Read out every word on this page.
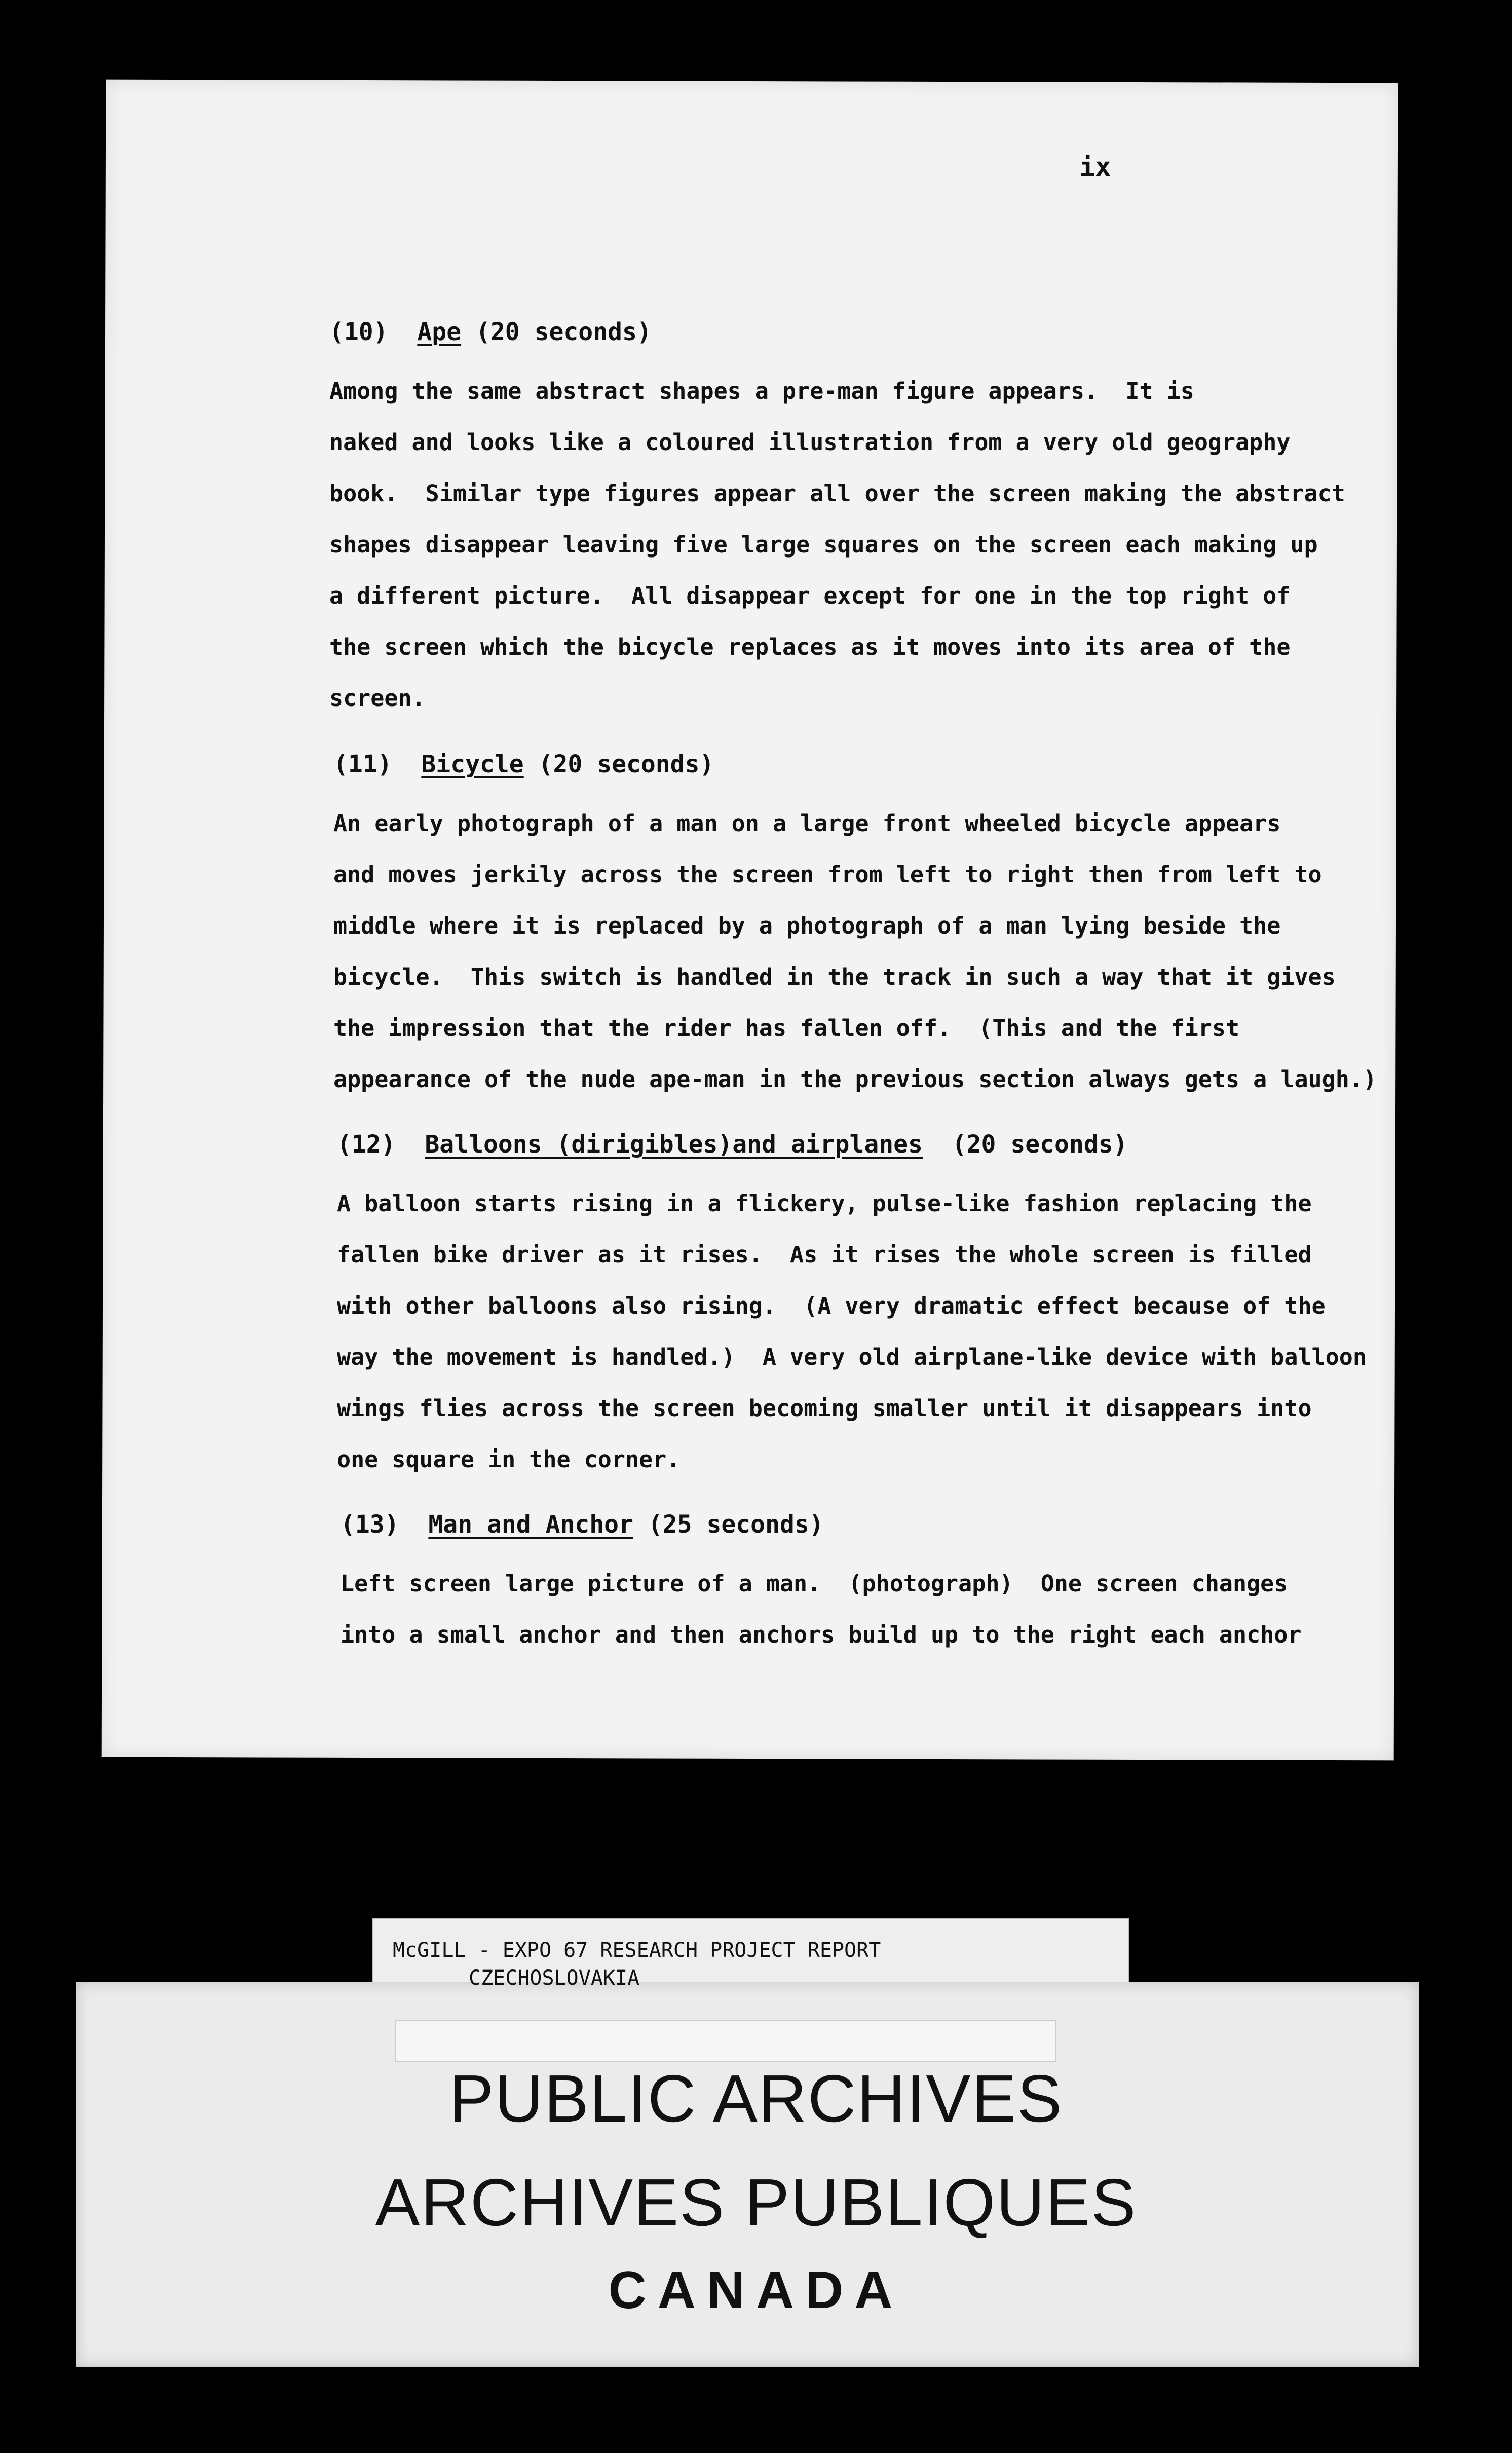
ix
(10) Ape (20 seconds)
Among the same abstract shapes a pre-man figure appears.  It is
naked and looks like a coloured illustration from a very old geography
book.  Similar type figures appear all over the screen making the abstract
shapes disappear leaving five large squares on the screen each making up
a different picture.  All disappear except for one in the top right of
the screen which the bicycle replaces as it moves into its area of the
screen.
(11) Bicycle (20 seconds)
An early photograph of a man on a large front wheeled bicycle appears
and moves jerkily across the screen from left to right then from left to
middle where it is replaced by a photograph of a man lying beside the
bicycle.  This switch is handled in the track in such a way that it gives
the impression that the rider has fallen off.  (This and the first
appearance of the nude ape-man in the previous section always gets a laugh.)
(12) Balloons (dirigibles)and airplanes  (20 seconds)
A balloon starts rising in a flickery, pulse-like fashion replacing the
fallen bike driver as it rises.  As it rises the whole screen is filled
with other balloons also rising.  (A very dramatic effect because of the
way the movement is handled.)  A very old airplane-like device with balloon
wings flies across the screen becoming smaller until it disappears into
one square in the corner.
(13) Man and Anchor (25 seconds)
Left screen large picture of a man.  (photograph)  One screen changes
into a small anchor and then anchors build up to the right each anchor
McGILL - EXPO 67 RESEARCH PROJECT REPORT
CZECHOSLOVAKIA
PUBLIC ARCHIVES
ARCHIVES PUBLIQUES
CANADA
